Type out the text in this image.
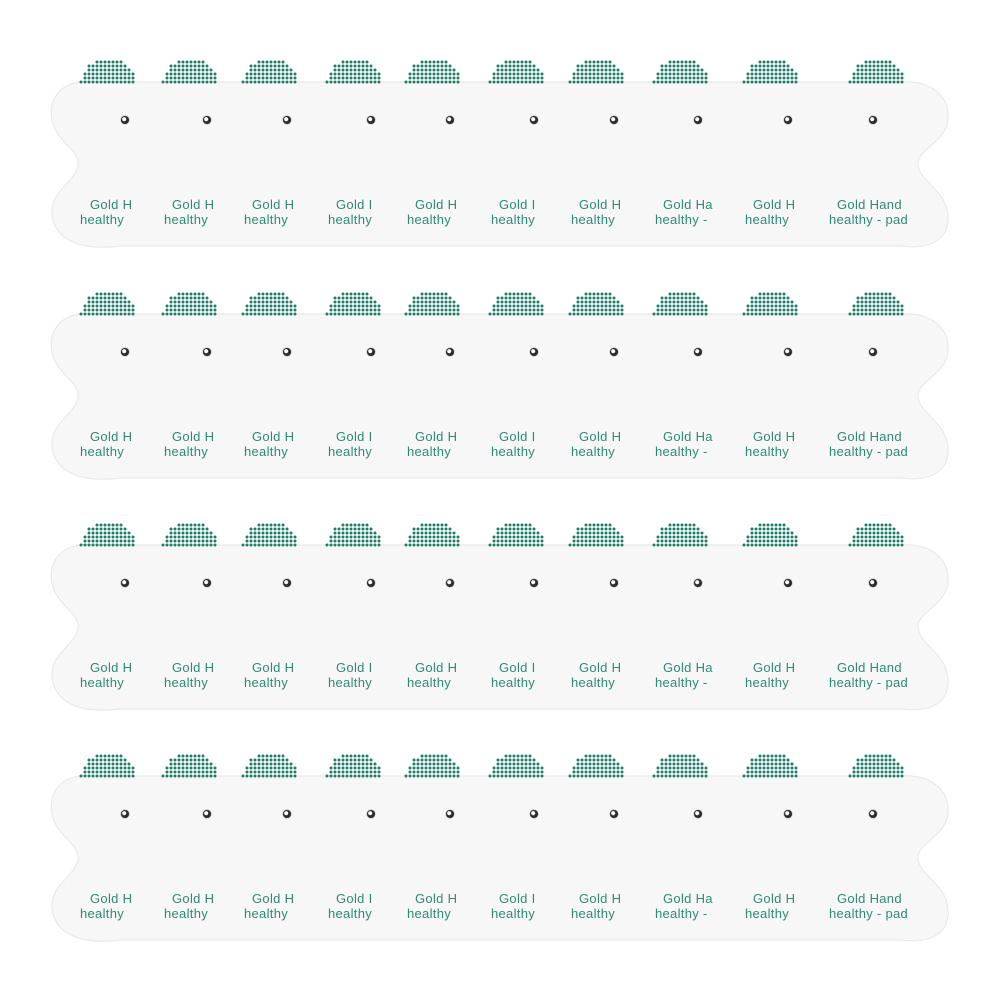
Gold H
healthy
Gold H
healthy
Gold H
healthy
Gold I
healthy
Gold H
healthy
Gold I
healthy
Gold H
healthy
Gold Ha
healthy -
Gold H
healthy
Gold Hand
healthy - pad
Gold H
healthy
Gold H
healthy
Gold H
healthy
Gold I
healthy
Gold H
healthy
Gold I
healthy
Gold H
healthy
Gold Ha
healthy -
Gold H
healthy
Gold Hand
healthy - pad
Gold H
healthy
Gold H
healthy
Gold H
healthy
Gold I
healthy
Gold H
healthy
Gold I
healthy
Gold H
healthy
Gold Ha
healthy -
Gold H
healthy
Gold Hand
healthy - pad
Gold H
healthy
Gold H
healthy
Gold H
healthy
Gold I
healthy
Gold H
healthy
Gold I
healthy
Gold H
healthy
Gold Ha
healthy -
Gold H
healthy
Gold Hand
healthy - pad
